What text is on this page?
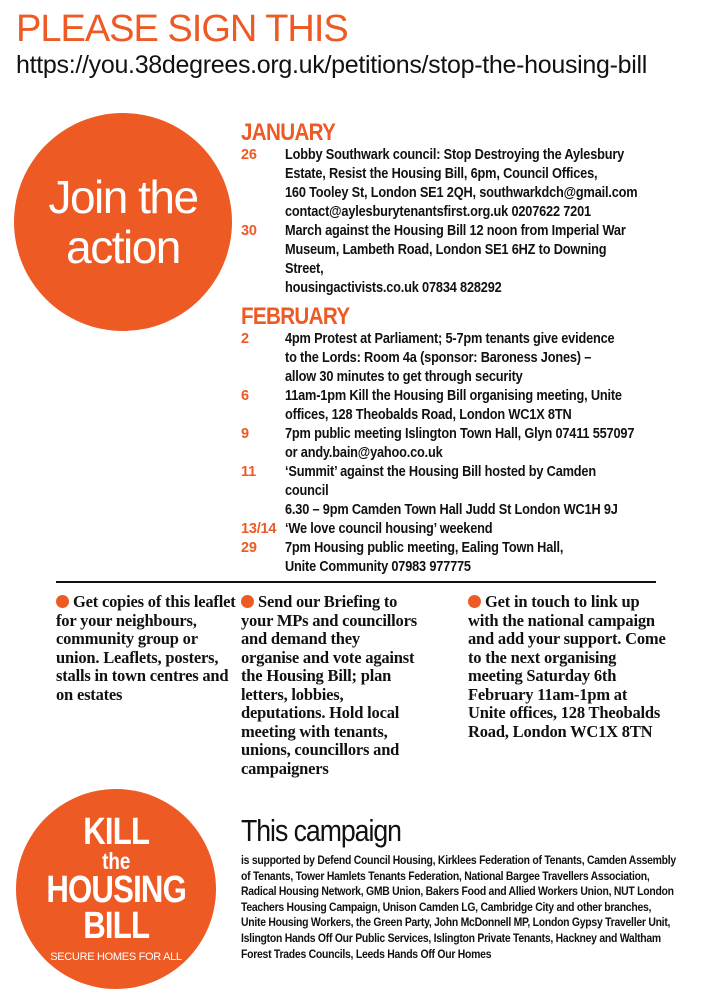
PLEASE SIGN THIS
https://you.38degrees.org.uk/petitions/stop-the-housing-bill
Join the
action
JANUARY
26	Lobby Southwark council: Stop Destroying the Aylesbury
Estate, Resist the Housing Bill, 6pm, Council Offices,
160 Tooley St, London SE1 2QH, southwarkdch@gmail.com
contact@aylesburytenantsfirst.org.uk 0207622 7201
30	March against the Housing Bill 12 noon from Imperial War
Museum, Lambeth Road, London SE1 6HZ to Downing Street,
housingactivists.co.uk 07834 828292
FEBRUARY
2	4pm Protest at Parliament; 5-7pm tenants give evidence
to the Lords: Room 4a (sponsor: Baroness Jones) –
allow 30 minutes to get through security
6	11am-1pm Kill the Housing Bill organising meeting, Unite
offices, 128 Theobalds Road, London WC1X 8TN
9	7pm public meeting Islington Town Hall, Glyn 07411 557097
or andy.bain@yahoo.co.uk
11	‘Summit’ against the Housing Bill hosted by Camden council
6.30 – 9pm Camden Town Hall Judd St London WC1H 9J
13/14 ‘We love council housing’ weekend
29	7pm Housing public meeting, Ealing Town Hall,
Unite Community 07983 977775
Get copies of this leaflet for your neighbours, community group or union. Leaflets, posters, stalls in town centres and on estates
Send our Briefing to your MPs and councillors and demand they organise and vote against the Housing Bill; plan letters, lobbies, deputations. Hold local meeting with tenants, unions, councillors and campaigners
Get in touch to link up with the national campaign and add your support. Come to the next organising meeting Saturday 6th February 11am-1pm at Unite offices, 128 Theobalds Road, London WC1X 8TN
KILL
the
HOUSING
BILL
SECURE HOMES FOR ALL
This campaign
is supported by Defend Council Housing, Kirklees Federation of Tenants, Camden Assembly of Tenants, Tower Hamlets Tenants Federation, National Bargee Travellers Association, Radical Housing Network, GMB Union, Bakers Food and Allied Workers Union, NUT London Teachers Housing Campaign, Unison Camden LG, Cambridge City and other branches, Unite Housing Workers, the Green Party, John McDonnell MP, London Gypsy Traveller Unit, Islington Hands Off Our Public Services, Islington Private Tenants, Hackney and Waltham Forest Trades Councils, Leeds Hands Off Our Homes
